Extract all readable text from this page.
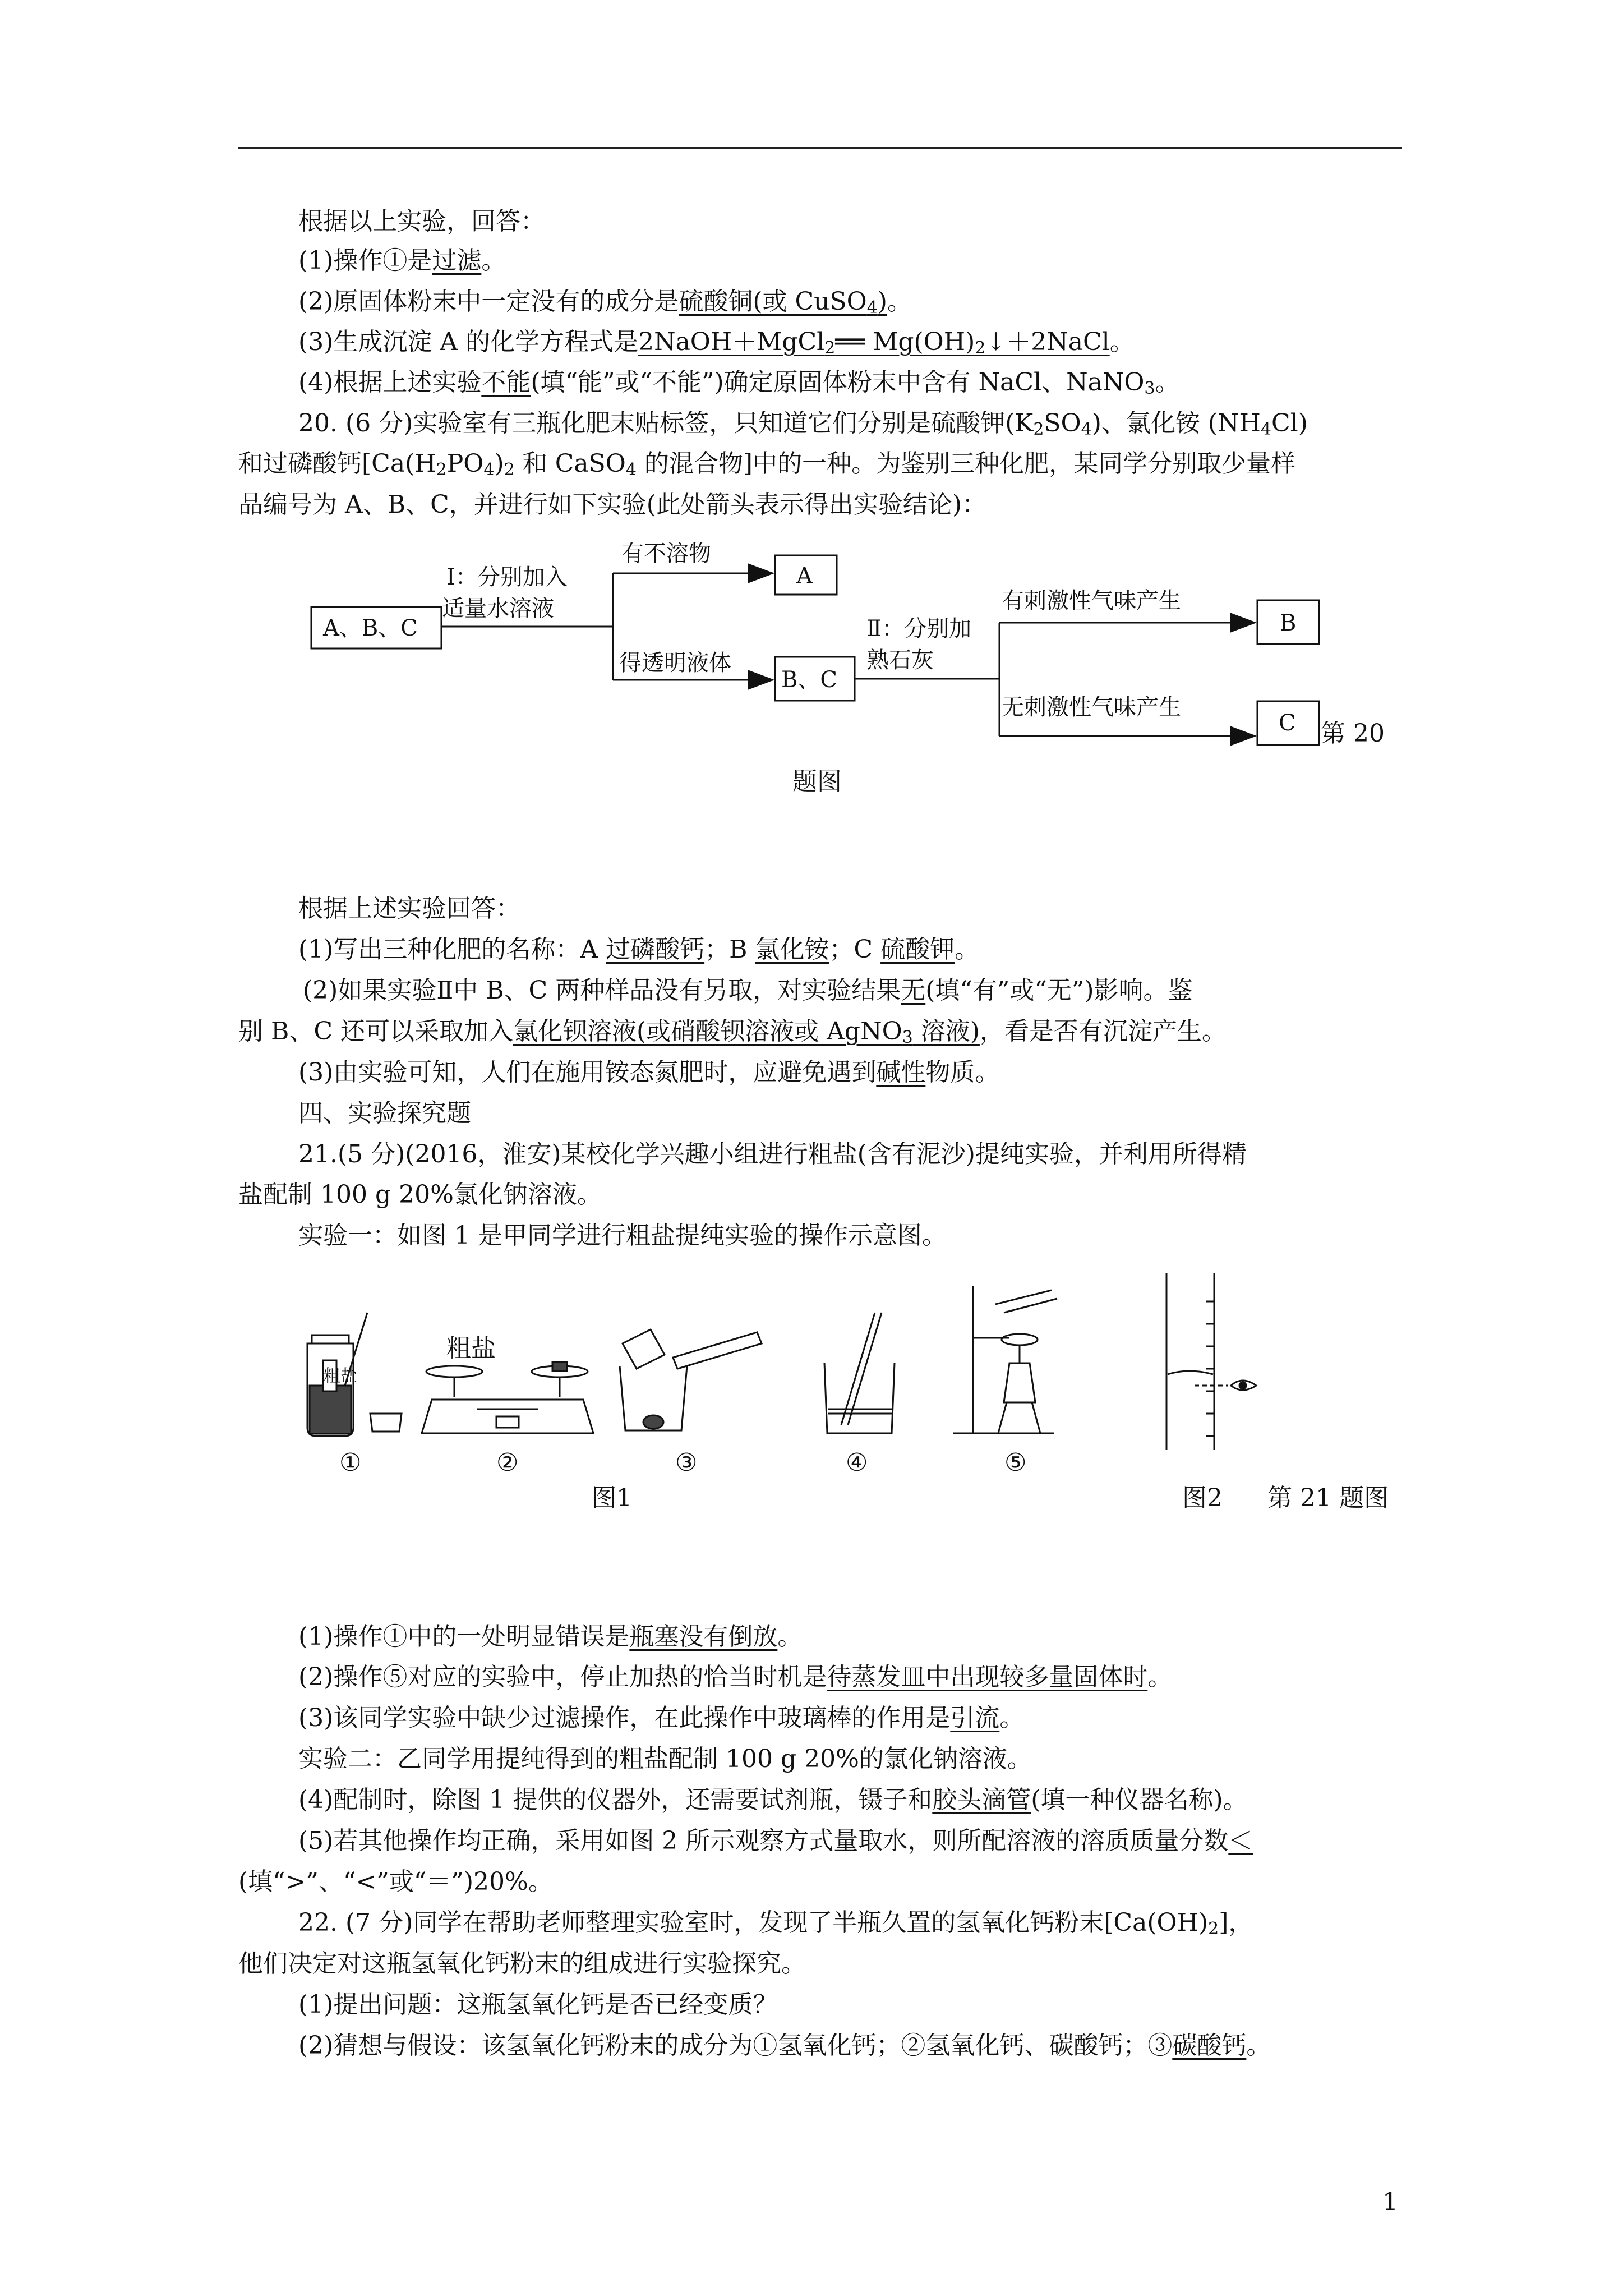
根据以上实验，回答：
(1)操作①是过滤。
(2)原固体粉末中一定没有的成分是硫酸铜(或 CuSO$_4$)。
(3)生成沉淀 A 的化学方程式是2NaOH＋MgCl$_2$══ $Mg(OH)_2↓+2NaCl$。
(4)根据上述实验不能(填“能”或“不能”)确定原固体粉末中含有 NaCl、NaNO$_3$。
20. (6 分)实验室有三瓶化肥末贴标签，只知道它们分别是硫酸钾$(K_2SO_4)$、氯化铵 $(NH_4Cl)$
和过磷酸钙[$Ca(H_2PO_4)_2$ 和 CaSO$_4$ 的混合物]中的一种。为鉴别三种化肥，某同学分别取少量样
品编号为 A、B、C，并进行如下实验(此处箭头表示得出实验结论)：
A、B、C
Ⅰ：分别加入
适量水溶液
有不溶物
A
得透明液体
B、C
Ⅱ：分别加
熟石灰
有刺激性气味产生
B
无刺激性气味产生
C 第 20
题图
根据上述实验回答：
(1)写出三种化肥的名称：A 过磷酸钙；B 氯化铵；C 硫酸钾。
(2)如果实验Ⅱ中 B、C 两种样品没有另取，对实验结果无(填“有”或“无”)影响。鉴
别 B、C 还可以采取加入氯化钡溶液(或硝酸钡溶液或 AgNO$_3$ 溶液)，看是否有沉淀产生。
(3)由实验可知，人们在施用铵态氮肥时，应避免遇到碱性物质。
四、实验探究题
21.(5 分)(2016，淮安)某校化学兴趣小组进行粗盐(含有泥沙)提纯实验，并利用所得精
盐配制 100 g 20%氯化钠溶液。
实验一：如图 1 是甲同学进行粗盐提纯实验的操作示意图。
粗盐
粗盐
①	②	③	④	⑤
图1	图2 第 21 题图
(1)操作①中的一处明显错误是瓶塞没有倒放。
(2)操作⑤对应的实验中，停止加热的恰当时机是待蒸发皿中出现较多量固体时。
(3)该同学实验中缺少过滤操作，在此操作中玻璃棒的作用是引流。
实验二：乙同学用提纯得到的粗盐配制 100 g 20%的氯化钠溶液。
(4)配制时，除图 1 提供的仪器外，还需要试剂瓶，镊子和胶头滴管(填一种仪器名称)。
(5)若其他操作均正确，采用如图 2 所示观察方式量取水，则所配溶液的溶质质量分数＜
(填“>”、“<”或“＝”)20%。
22. (7 分)同学在帮助老师整理实验室时，发现了半瓶久置的氢氧化钙粉末$[Ca(OH)_2]$，
他们决定对这瓶氢氧化钙粉末的组成进行实验探究。
(1)提出问题：这瓶氢氧化钙是否已经变质？
(2)猜想与假设：该氢氧化钙粉末的成分为①氢氧化钙；②氢氧化钙、碳酸钙；③碳酸钙。
1
